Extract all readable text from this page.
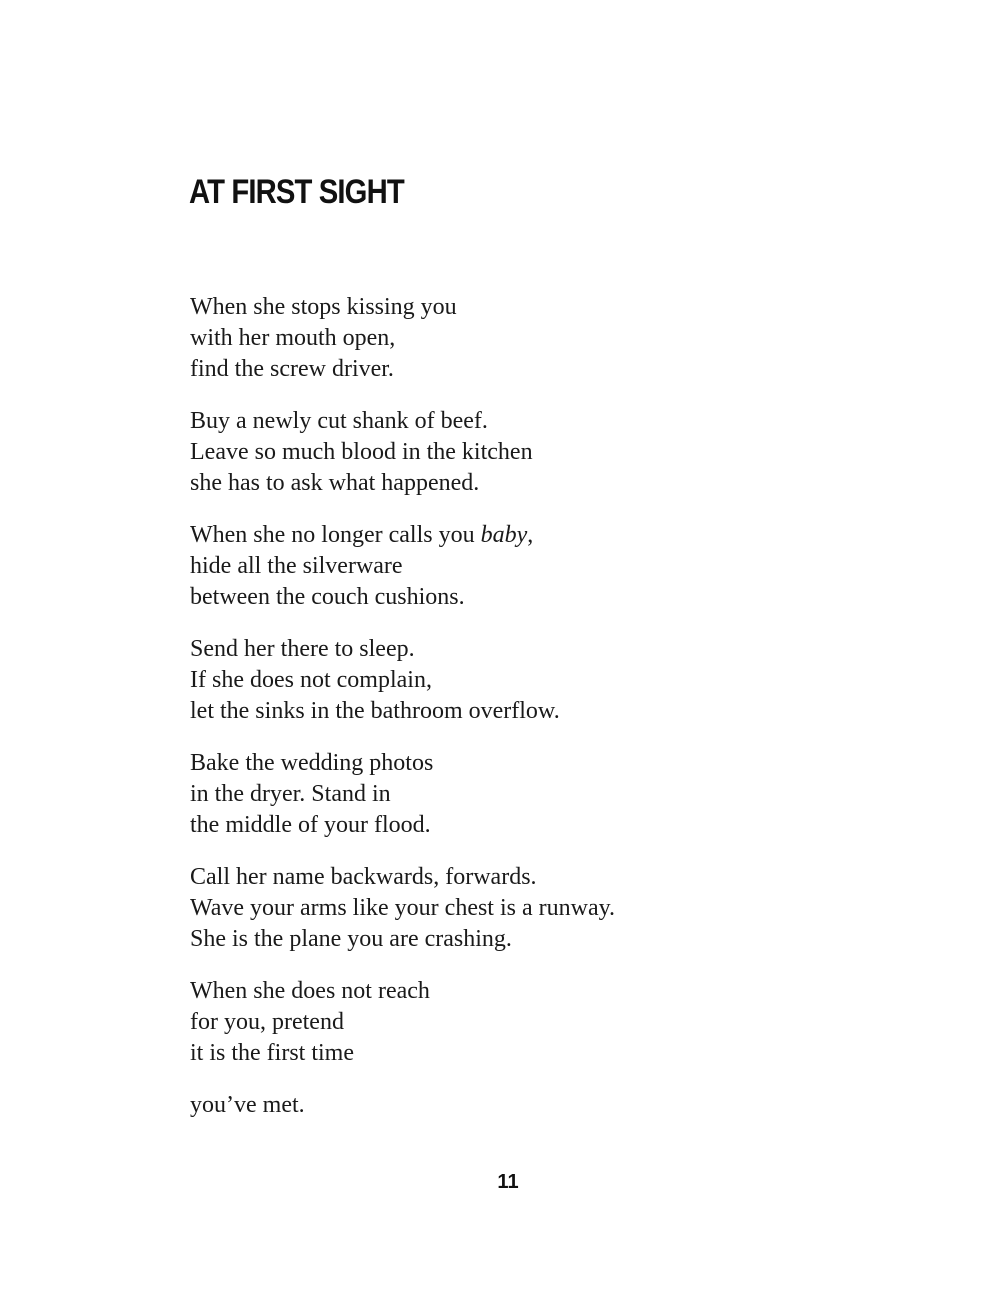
AT FIRST SIGHT
When she stops kissing you
with her mouth open,
find the screw driver.
Buy a newly cut shank of beef.
Leave so much blood in the kitchen
she has to ask what happened.
When she no longer calls you baby,
hide all the silverware
between the couch cushions.
Send her there to sleep.
If she does not complain,
let the sinks in the bathroom overflow.
Bake the wedding photos
in the dryer. Stand in
the middle of your flood.
Call her name backwards, forwards.
Wave your arms like your chest is a runway.
She is the plane you are crashing.
When she does not reach
for you, pretend
it is the first time
you’ve met.
11
